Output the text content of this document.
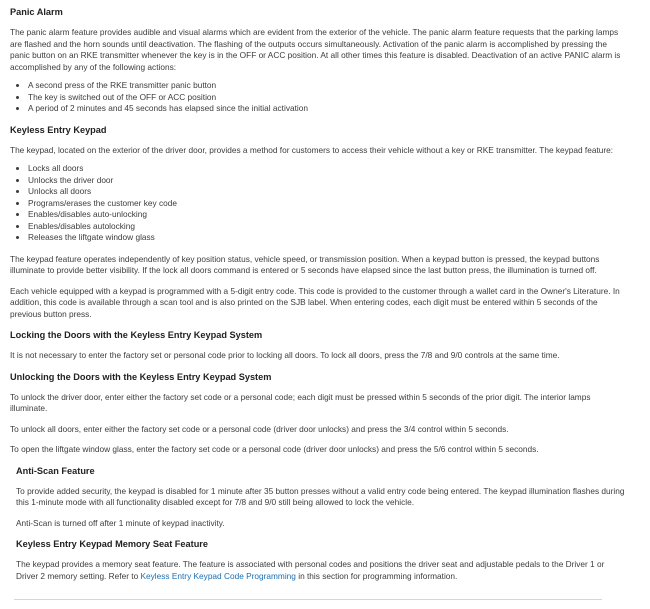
Panic Alarm

The panic alarm feature provides audible and visual alarms which are evident from the exterior of the vehicle. The panic alarm feature requests that the parking lamps are flashed and the horn sounds until deactivation. The flashing of the outputs occurs simultaneously. Activation of the panic alarm is accomplished by pressing the panic button on an RKE transmitter whenever the key is in the OFF or ACC position. At all other times this feature is disabled. Deactivation of an active PANIC alarm is accomplished by any of the following actions:

• A second press of the RKE transmitter panic button
• The key is switched out of the OFF or ACC position
• A period of 2 minutes and 45 seconds has elapsed since the initial activation
Keyless Entry Keypad

The keypad, located on the exterior of the driver door, provides a method for customers to access their vehicle without a key or RKE transmitter. The keypad feature:

• Locks all doors
• Unlocks the driver door
• Unlocks all doors
• Programs/erases the customer key code
• Enables/disables auto-unlocking
• Enables/disables autolocking
• Releases the liftgate window glass

The keypad feature operates independently of key position status, vehicle speed, or transmission position. When a keypad button is pressed, the keypad buttons illuminate to provide better visibility. If the lock all doors command is entered or 5 seconds have elapsed since the last button press, the illumination is turned off.

Each vehicle equipped with a keypad is programmed with a 5-digit entry code. This code is provided to the customer through a wallet card in the Owner's Literature. In addition, this code is available through a scan tool and is also printed on the SJB label. When entering codes, each digit must be entered within 5 seconds of the previous button press.

Locking the Doors with the Keyless Entry Keypad System

It is not necessary to enter the factory set or personal code prior to locking all doors. To lock all doors, press the 7/8 and 9/0 controls at the same time.

Unlocking the Doors with the Keyless Entry Keypad System

To unlock the driver door, enter either the factory set code or a personal code; each digit must be pressed within 5 seconds of the prior digit. The interior lamps illuminate.

To unlock all doors, enter either the factory set code or a personal code (driver door unlocks) and press the 3/4 control within 5 seconds.

To open the liftgate window glass, enter the factory set code or a personal code (driver door unlocks) and press the 5/6 control within 5 seconds.

Anti-Scan Feature

To provide added security, the keypad is disabled for 1 minute after 35 button presses without a valid entry code being entered. The keypad illumination flashes during this 1-minute mode with all functionality disabled except for 7/8 and 9/0 still being allowed to lock the vehicle.

Anti-Scan is turned off after 1 minute of keypad inactivity.

Keyless Entry Keypad Memory Seat Feature

The keypad provides a memory seat feature. The feature is associated with personal codes and positions the driver seat and adjustable pedals to the Driver 1 or Driver 2 memory setting. Refer to Keyless Entry Keypad Code Programming in this section for programming information.
